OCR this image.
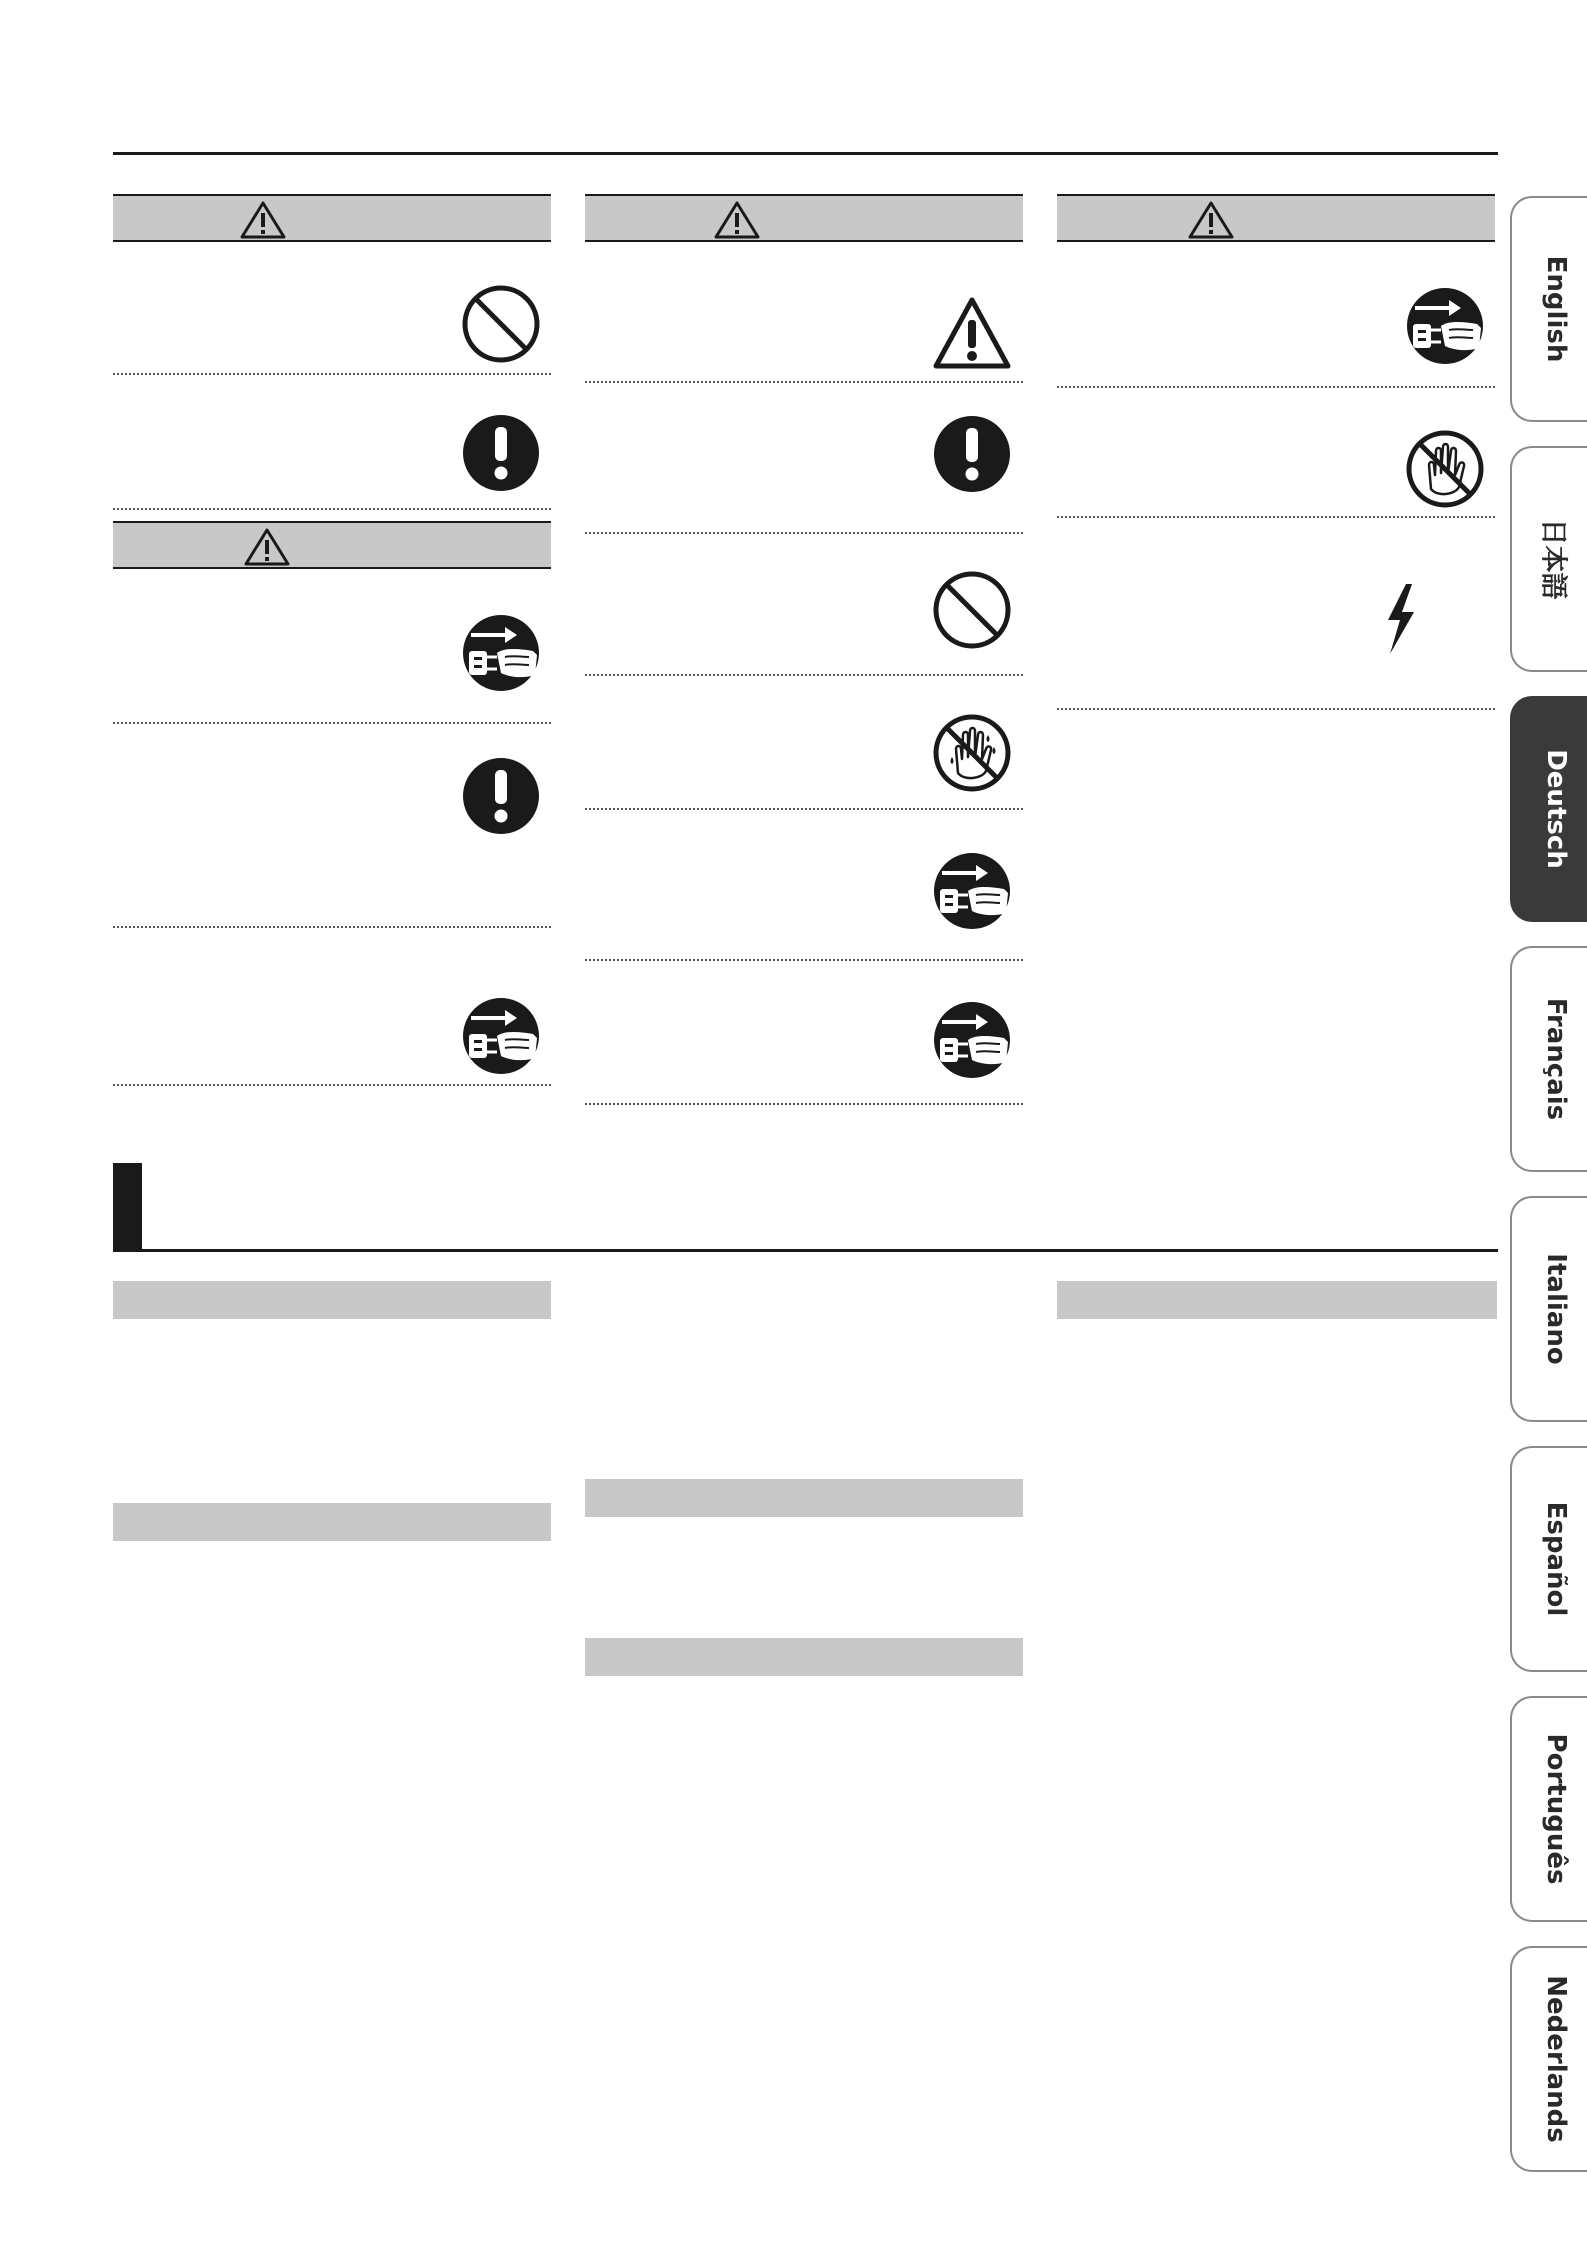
English
日本語
Deutsch
Français
Italiano
Español
Português
Nederlands
